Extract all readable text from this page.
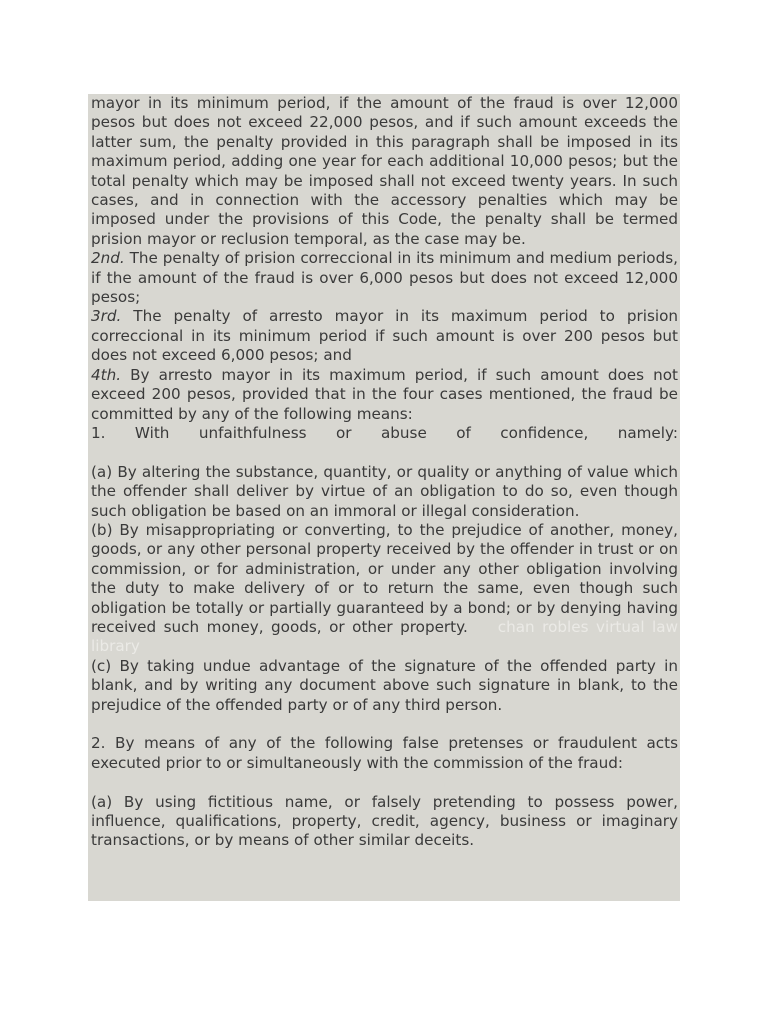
mayor in its minimum period, if the amount of the fraud is over 12,000 pesos but does not exceed 22,000 pesos, and if such amount exceeds the latter sum, the penalty provided in this paragraph shall be imposed in its maximum period, adding one year for each additional 10,000 pesos; but the total penalty which may be imposed shall not exceed twenty years. In such cases, and in connection with the accessory penalties which may be imposed under the provisions of this Code, the penalty shall be termed prision mayor or reclusion temporal, as the case may be.

2nd. The penalty of prision correccional in its minimum and medium periods, if the amount of the fraud is over 6,000 pesos but does not exceed 12,000 pesos;

3rd. The penalty of arresto mayor in its maximum period to prision correccional in its minimum period if such amount is over 200 pesos but does not exceed 6,000 pesos; and

4th. By arresto mayor in its maximum period, if such amount does not exceed 200 pesos, provided that in the four cases mentioned, the fraud be committed by any of the following means:

1. With unfaithfulness or abuse of confidence, namely:

(a) By altering the substance, quantity, or quality or anything of value which the offender shall deliver by virtue of an obligation to do so, even though such obligation be based on an immoral or illegal consideration.

(b) By misappropriating or converting, to the prejudice of another, money, goods, or any other personal property received by the offender in trust or on commission, or for administration, or under any other obligation involving the duty to make delivery of or to return the same, even though such obligation be totally or partially guaranteed by a bond; or by denying having received such money, goods, or other property. chan robles virtual law library

(c) By taking undue advantage of the signature of the offended party in blank, and by writing any document above such signature in blank, to the prejudice of the offended party or of any third person.

2. By means of any of the following false pretenses or fraudulent acts executed prior to or simultaneously with the commission of the fraud:

(a) By using fictitious name, or falsely pretending to possess power, influence, qualifications, property, credit, agency, business or imaginary transactions, or by means of other similar deceits.
